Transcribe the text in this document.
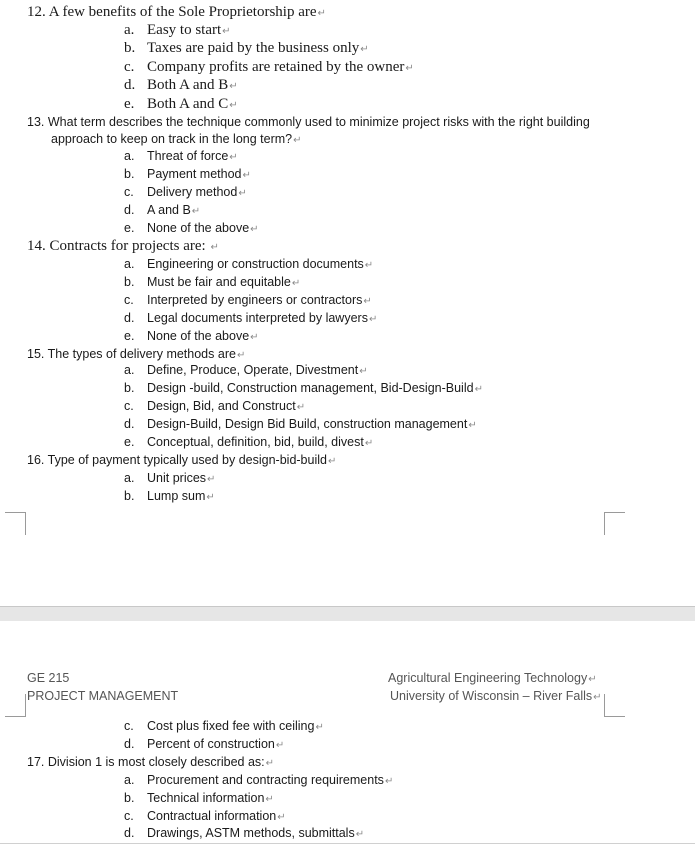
12. A few benefits of the Sole Proprietorship are↵
a. Easy to start↵
b. Taxes are paid by the business only↵
c. Company profits are retained by the owner↵
d. Both A and B↵
e. Both A and C↵
13. What term describes the technique commonly used to minimize project risks with the right building
approach to keep on track in the long term?↵
a. Threat of force↵
b. Payment method↵
c. Delivery method↵
d. A and B↵
e. None of the above↵
14. Contracts for projects are: ↵
a. Engineering or construction documents↵
b. Must be fair and equitable↵
c. Interpreted by engineers or contractors↵
d. Legal documents interpreted by lawyers↵
e. None of the above↵
15. The types of delivery methods are↵
a. Define, Produce, Operate, Divestment↵
b. Design -build, Construction management, Bid-Design-Build↵
c. Design, Bid, and Construct↵
d. Design-Build, Design Bid Build, construction management↵
e. Conceptual, definition, bid, build, divest↵
16. Type of payment typically used by design-bid-build↵
a. Unit prices↵
b. Lump sum↵
GE 215
PROJECT MANAGEMENT
Agricultural Engineering Technology↵
University of Wisconsin – River Falls↵
c. Cost plus fixed fee with ceiling↵
d. Percent of construction↵
17. Division 1 is most closely described as:↵
a. Procurement and contracting requirements↵
b. Technical information↵
c. Contractual information↵
d. Drawings, ASTM methods, submittals↵
